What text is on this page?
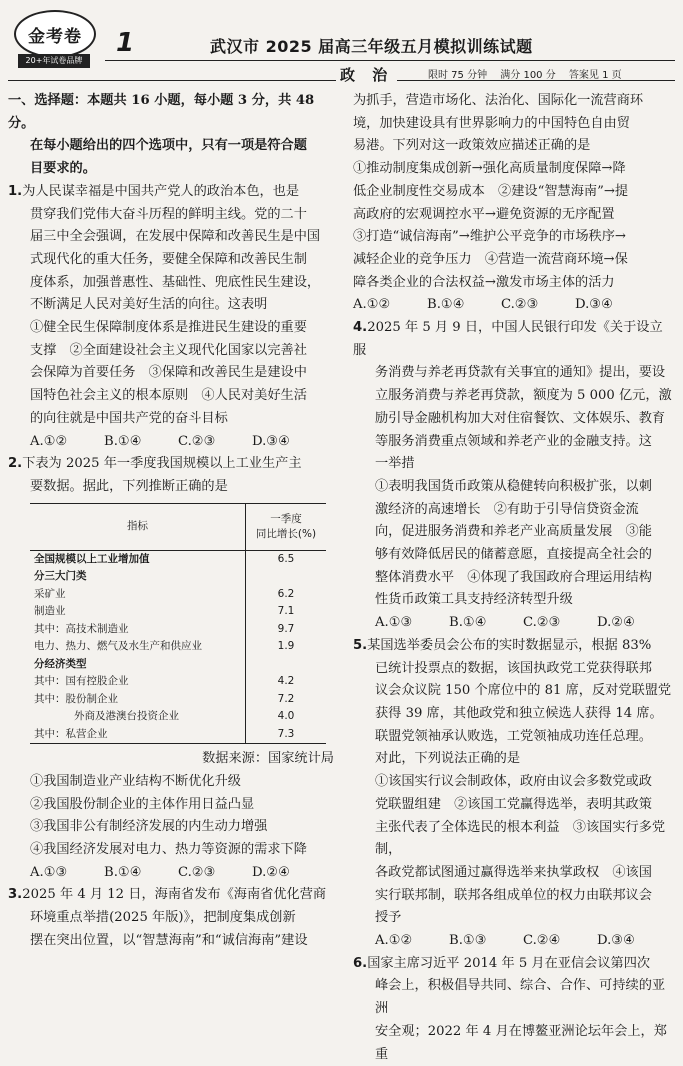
金考卷
20+年试卷品牌
1	武汉市 2025 届高三年级五月模拟训练试题
政 治	限时 75 分钟 满分 100 分 答案见 1 页

一、选择题：本题共 16 小题，每小题 3 分，共 48 分。

在每小题给出的四个选项中，只有一项是符合题

目要求的。

1.为人民谋幸福是中国共产党人的政治本色，也是

贯穿我们党伟大奋斗历程的鲜明主线。党的二十

届三中全会强调，在发展中保障和改善民生是中国

式现代化的重大任务，要健全保障和改善民生制

度体系，加强普惠性、基础性、兜底性民生建设，

不断满足人民对美好生活的向往。这表明

①健全民生保障制度体系是推进民生建设的重要

支撑　②全面建设社会主义现代化国家以完善社

会保障为首要任务　③保障和改善民生是建设中

国特色社会主义的根本原则　④人民对美好生活

的向往就是中国共产党的奋斗目标

A.①②	B.①④	C.②③	D.③④

2.下表为 2025 年一季度我国规模以上工业生产主

要数据。据此，下列推断正确的是

指标	一季度
同比增长(%)

全国规模以上工业增加值	6.5
分三大门类	
采矿业	6.2
制造业	7.1
其中：高技术制造业	9.7
电力、热力、燃气及水生产和供应业	1.9
分经济类型	
其中：国有控股企业	4.2
其中：股份制企业	7.2
外商及港澳台投资企业	4.0
其中：私营企业	7.3

数据来源：国家统计局

①我国制造业产业结构不断优化升级

②我国股份制企业的主体作用日益凸显

③我国非公有制经济发展的内生动力增强

④我国经济发展对电力、热力等资源的需求下降

A.①③	B.①④	C.②③	D.②④

3.2025 年 4 月 12 日，海南省发布《海南省优化营商

环境重点举措(2025 年版)》，把制度集成创新

摆在突出位置，以“智慧海南”和“诚信海南”建设

为抓手，营造市场化、法治化、国际化一流营商环

境，加快建设具有世界影响力的中国特色自由贸

易港。下列对这一政策效应描述正确的是

①推动制度集成创新→强化高质量制度保障→降

低企业制度性交易成本　②建设“智慧海南”→提

高政府的宏观调控水平→避免资源的无序配置

③打造“诚信海南”→维护公平竞争的市场秩序→

减轻企业的竞争压力　④营造一流营商环境→保

障各类企业的合法权益→激发市场主体的活力

A.①②	B.①④	C.②③	D.③④

4.2025 年 5 月 9 日，中国人民银行印发《关于设立服

务消费与养老再贷款有关事宜的通知》提出，要设

立服务消费与养老再贷款，额度为 5 000 亿元，激

励引导金融机构加大对住宿餐饮、文体娱乐、教育

等服务消费重点领域和养老产业的金融支持。这

一举措

①表明我国货币政策从稳健转向积极扩张，以刺

激经济的高速增长　②有助于引导信贷资金流

向，促进服务消费和养老产业高质量发展　③能

够有效降低居民的储蓄意愿，直接提高全社会的

整体消费水平　④体现了我国政府合理运用结构

性货币政策工具支持经济转型升级

A.①③	B.①④	C.②③	D.②④

5.某国选举委员会公布的实时数据显示，根据 83%

已统计投票点的数据，该国执政党工党获得联邦

议会众议院 150 个席位中的 81 席，反对党联盟党

获得 39 席，其他政党和独立候选人获得 14 席。

联盟党领袖承认败选，工党领袖成功连任总理。

对此，下列说法正确的是

①该国实行议会制政体，政府由议会多数党或政

党联盟组建　②该国工党赢得选举，表明其政策

主张代表了全体选民的根本利益　③该国实行多党制，

各政党都试图通过赢得选举来执掌政权　④该国

实行联邦制，联邦各组成单位的权力由联邦议会

授予

A.①②	B.①③	C.②④	D.③④

6.国家主席习近平 2014 年 5 月在亚信会议第四次

峰会上，积极倡导共同、综合、合作、可持续的亚洲

安全观；2022 年 4 月在博鳌亚洲论坛年会上，郑重
